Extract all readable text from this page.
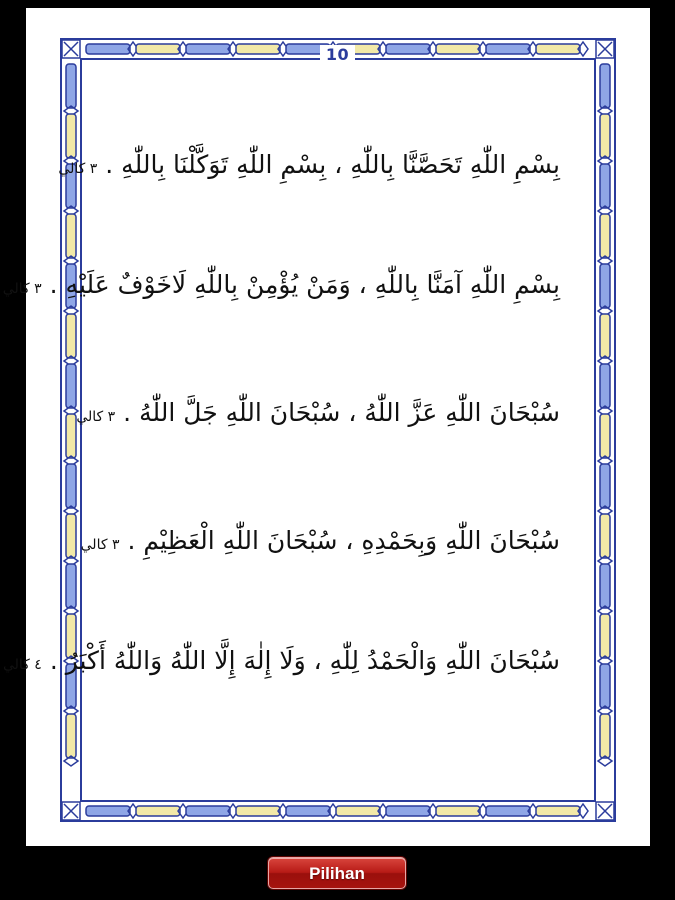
10
بِسْمِ اللّٰهِ تَحَصَّنَّا بِاللّٰهِ ، بِسْمِ اللّٰهِ تَوَكَّلْنَا بِاللّٰهِ .٣ كالي
بِسْمِ اللّٰهِ آمَنَّا بِاللّٰهِ ، وَمَنْ يُؤْمِنْ بِاللّٰهِ لَاخَوْفٌ عَلَيْهِ .٣ كالي
سُبْحَانَ اللّٰهِ عَزَّ اللّٰهُ ، سُبْحَانَ اللّٰهِ جَلَّ اللّٰهُ .٣ كالي
سُبْحَانَ اللّٰهِ وَبِحَمْدِهِ ، سُبْحَانَ اللّٰهِ الْعَظِيْمِ .٣ كالي
سُبْحَانَ اللّٰهِ وَالْحَمْدُ لِلّٰهِ ، وَلَا إِلٰهَ إِلَّا اللّٰهُ وَاللّٰهُ أَكْبَرُ .٤ كالي
Pilihan
